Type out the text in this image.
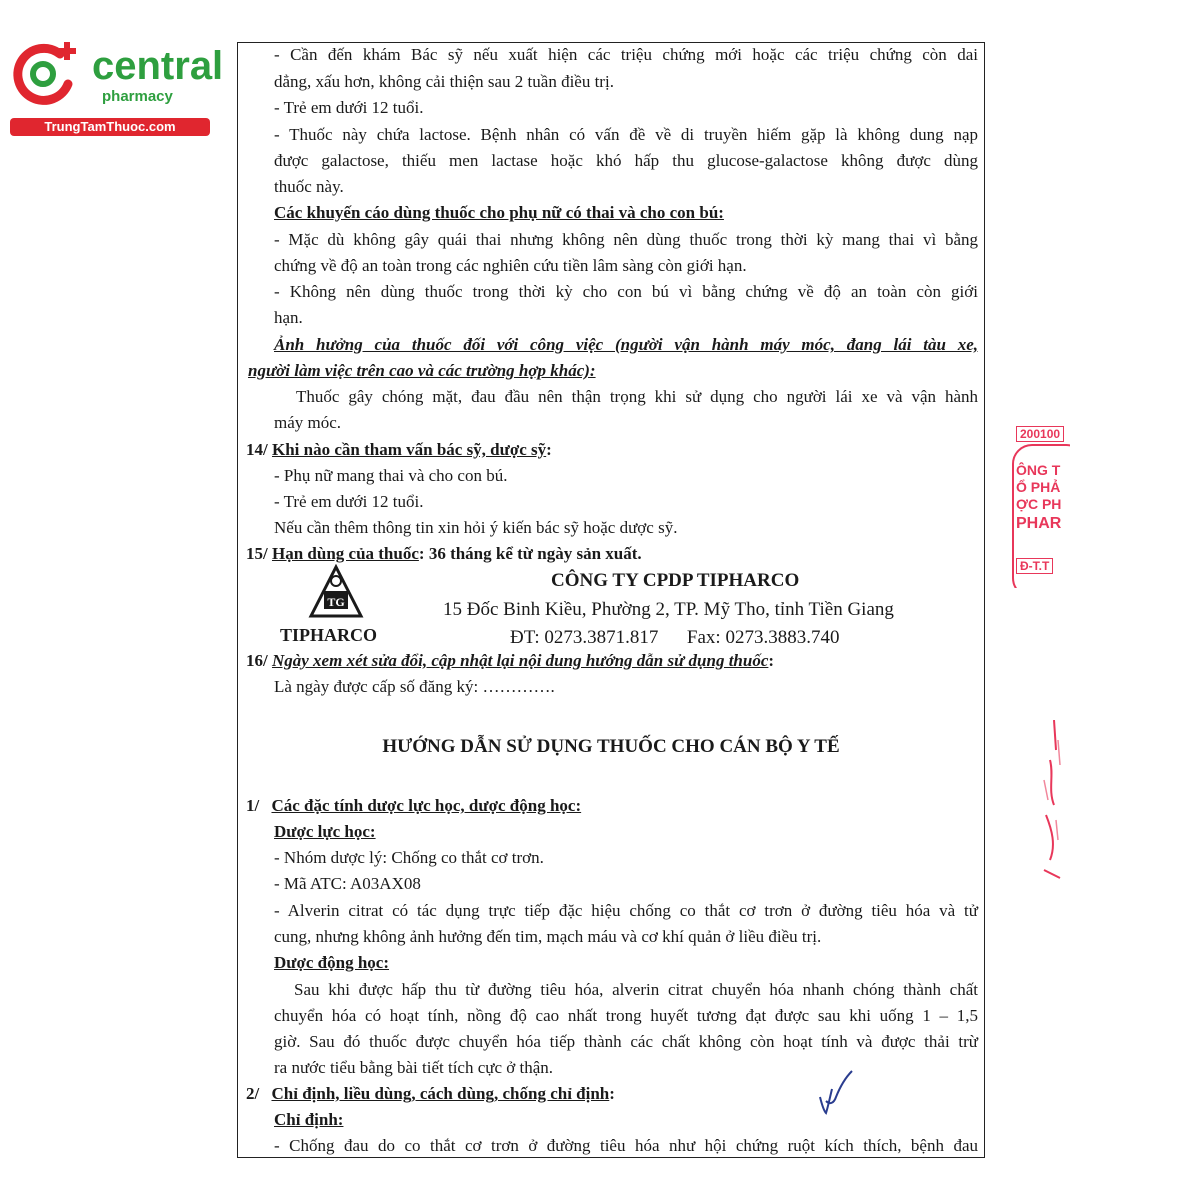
central
pharmacy
TrungTamThuoc.com
- Cần đến khám Bác sỹ nếu xuất hiện các triệu chứng mới hoặc các triệu chứng còn dai
dẳng, xấu hơn, không cải thiện sau 2 tuần điều trị.
- Trẻ em dưới 12 tuổi.
- Thuốc này chứa lactose. Bệnh nhân có vấn đề về di truyền hiếm gặp là không dung nạp
được galactose, thiếu men lactase hoặc khó hấp thu glucose-galactose không được dùng
thuốc này.
Các khuyến cáo dùng thuốc cho phụ nữ có thai và cho con bú:
- Mặc dù không gây quái thai nhưng không nên dùng thuốc trong thời kỳ mang thai vì bằng
chứng về độ an toàn trong các nghiên cứu tiền lâm sàng còn giới hạn.
- Không nên dùng thuốc trong thời kỳ cho con bú vì bằng chứng về độ an toàn còn giới
hạn.
Ảnh hưởng của thuốc đối với công việc (người vận hành máy móc, đang lái tàu xe,
người làm việc trên cao và các trường hợp khác):
Thuốc gây chóng mặt, đau đầu nên thận trọng khi sử dụng cho người lái xe và vận hành
máy móc.
14/ Khi nào cần tham vấn bác sỹ, dược sỹ:
- Phụ nữ mang thai và cho con bú.
- Trẻ em dưới 12 tuổi.
Nếu cần thêm thông tin xin hỏi ý kiến bác sỹ hoặc dược sỹ.
15/ Hạn dùng của thuốc: 36 tháng kể từ ngày sản xuất.
TG
TIPHARCO
CÔNG TY CPDP TIPHARCO
15 Đốc Binh Kiều, Phường 2, TP. Mỹ Tho, tỉnh Tiền Giang
ĐT: 0273.3871.817      Fax: 0273.3883.740
16/ Ngày xem xét sửa đổi, cập nhật lại nội dung hướng dẫn sử dụng thuốc:
Là ngày được cấp số đăng ký: ………….
HƯỚNG DẪN SỬ DỤNG THUỐC CHO CÁN BỘ Y TẾ
1/ Các đặc tính dược lực học, dược động học:
Dược lực học:
- Nhóm dược lý: Chống co thắt cơ trơn.
- Mã ATC: A03AX08
- Alverin citrat có tác dụng trực tiếp đặc hiệu chống co thắt cơ trơn ở đường tiêu hóa và tử
cung, nhưng không ảnh hưởng đến tim, mạch máu và cơ khí quản ở liều điều trị.
Dược động học:
Sau khi được hấp thu từ đường tiêu hóa, alverin citrat chuyển hóa nhanh chóng thành chất
chuyển hóa có hoạt tính, nồng độ cao nhất trong huyết tương đạt được sau khi uống 1 – 1,5
giờ. Sau đó thuốc được chuyển hóa tiếp thành các chất không còn hoạt tính và được thải trừ
ra nước tiểu bằng bài tiết tích cực ở thận.
2/ Chỉ định, liều dùng, cách dùng, chống chỉ định:
Chỉ định:
- Chống đau do co thắt cơ trơn ở đường tiêu hóa như hội chứng ruột kích thích, bệnh đau
200100
ÔNG T
Ổ PHẢ
ỢC PH
PHAR
Đ-T.T
